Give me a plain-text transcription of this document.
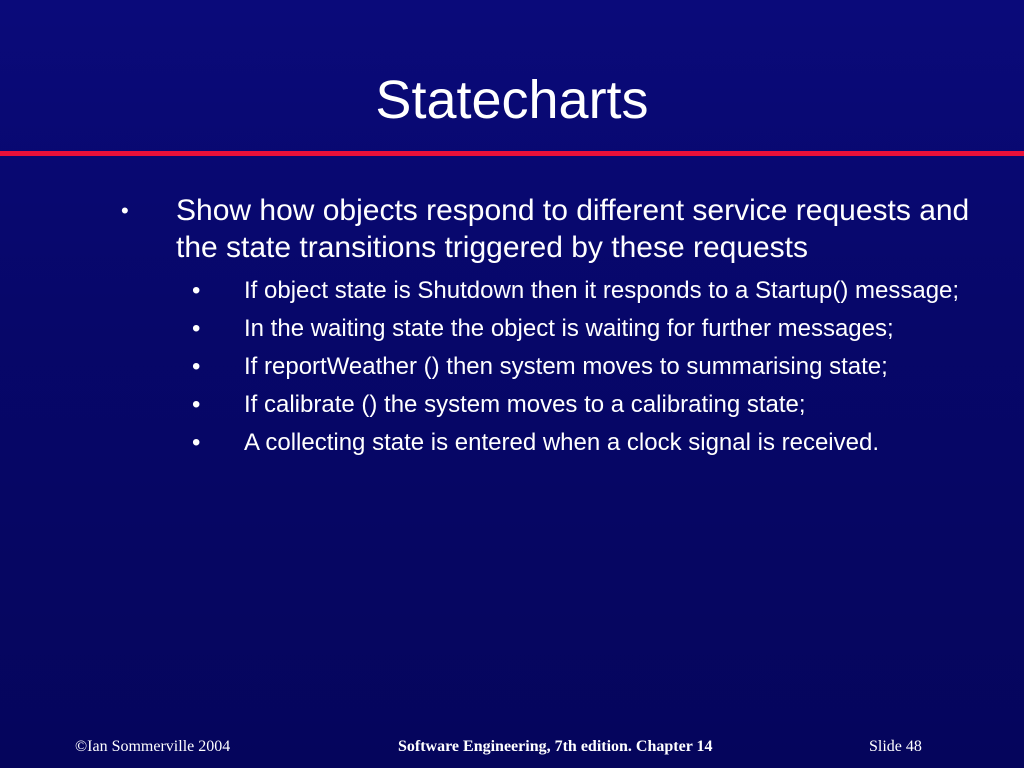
Statecharts
• Show how objects respond to different service requests and the state transitions triggered by these requests
• If object state is Shutdown then it responds to a Startup() message;
• In the waiting state the object is waiting for further messages;
• If reportWeather () then system moves to summarising state;
• If calibrate () the system moves to a calibrating state;
• A collecting state is entered when a clock signal is received.
©Ian Sommerville 2004	Software Engineering, 7th edition. Chapter 14	Slide 48
